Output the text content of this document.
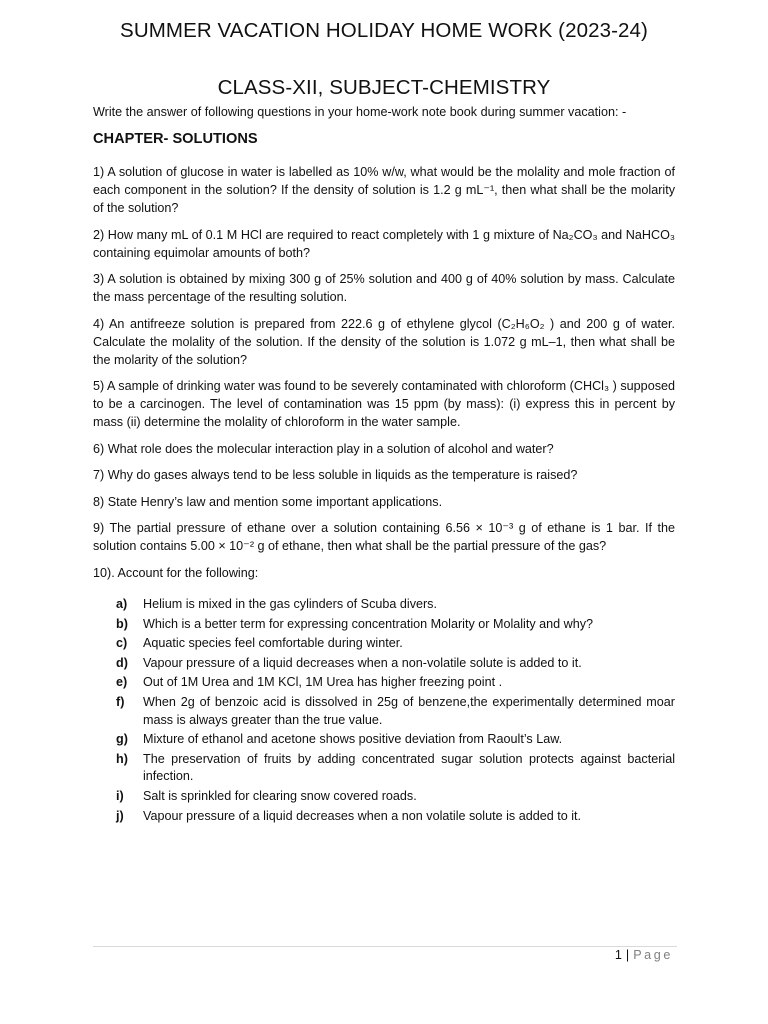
SUMMER VACATION HOLIDAY HOME WORK (2023-24)
CLASS-XII, SUBJECT-CHEMISTRY

Write the answer of following questions in your home-work note book during summer vacation: -

CHAPTER- SOLUTIONS
1) A solution of glucose in water is labelled as 10% w/w, what would be the molality and mole fraction of each component in the solution? If the density of solution is 1.2 g mL⁻¹, then what shall be the molarity of the solution?
2) How many mL of 0.1 M HCl are required to react completely with 1 g mixture of Na₂CO₃ and NaHCO₃ containing equimolar amounts of both?
3) A solution is obtained by mixing 300 g of 25% solution and 400 g of 40% solution by mass. Calculate the mass percentage of the resulting solution.
4) An antifreeze solution is prepared from 222.6 g of ethylene glycol (C₂H₆O₂ ) and 200 g of water. Calculate the molality of the solution. If the density of the solution is 1.072 g mL–1, then what shall be the molarity of the solution?
5) A sample of drinking water was found to be severely contaminated with chloroform (CHCl₃ ) supposed to be a carcinogen. The level of contamination was 15 ppm (by mass): (i) express this in percent by mass (ii) determine the molality of chloroform in the water sample.
6) What role does the molecular interaction play in a solution of alcohol and water?
7) Why do gases always tend to be less soluble in liquids as the temperature is raised?
8) State Henry’s law and mention some important applications.
9) The partial pressure of ethane over a solution containing 6.56 × 10⁻³ g of ethane is 1 bar. If the solution contains 5.00 × 10⁻² g of ethane, then what shall be the partial pressure of the gas?
10). Account for the following:
a)	Helium is mixed in the gas cylinders of Scuba divers.
b)	Which is a better term for expressing concentration Molarity or Molality and why?
c)	Aquatic species feel comfortable during winter.
d)	Vapour pressure of a liquid decreases when a non-volatile solute is added to it.
e)	Out of 1M Urea and 1M KCl, 1M Urea has higher freezing point .
f)	When 2g of benzoic acid is dissolved in 25g of benzene,the experimentally determined moar mass is always greater than the true value.
g)	Mixture of ethanol and acetone shows positive deviation from Raoult’s Law.
h)	The preservation of fruits by adding concentrated sugar solution protects against bacterial infection.
i)	Salt is sprinkled for clearing snow covered roads.
j)	Vapour pressure of a liquid decreases when a non volatile solute is added to it.
1 | Page
